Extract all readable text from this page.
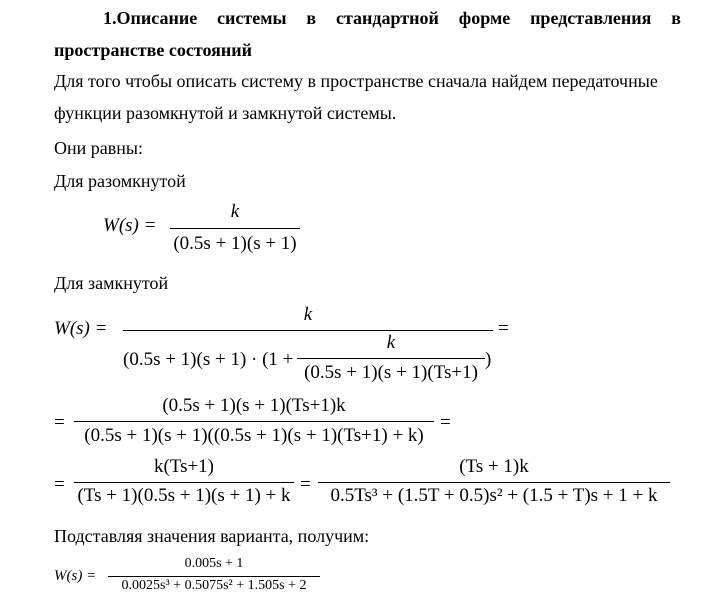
1.Описание системы в стандартной форме представления в
пространстве состояний
Для того чтобы описать систему в пространстве сначала найдем передаточные
функции разомкнутой и замкнутой системы.
Они равны:
Для разомкнутой
W(s) =
k
(0.5s + 1)(s + 1)
Для замкнутой
W(s) =
k
(0.5s + 1)(s + 1) · (1 +
k
(0.5s + 1)(s + 1)(Ts+1)
)
=
=
(0.5s + 1)(s + 1)(Ts+1)k
(0.5s + 1)(s + 1)((0.5s + 1)(s + 1)(Ts+1) + k)
=
=
k(Ts+1)
(Ts + 1)(0.5s + 1)(s + 1) + k
=
(Ts + 1)k
0.5Ts³ + (1.5T + 0.5)s² + (1.5 + T)s + 1 + k
Подставляя значения варианта, получим:
W(s) =
0.005s + 1
0.0025s³ + 0.5075s² + 1.505s + 2
